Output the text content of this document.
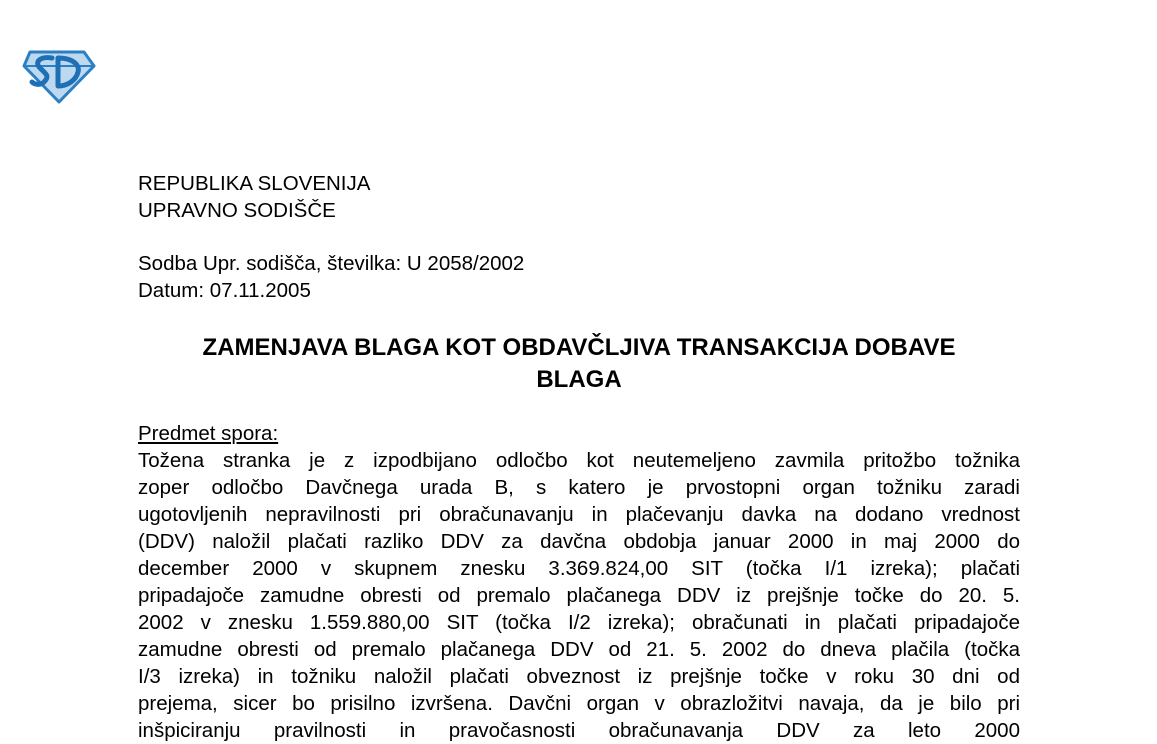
REPUBLIKA SLOVENIJA
UPRAVNO SODIŠČE
Sodba Upr. sodišča, številka: U 2058/2002
Datum: 07.11.2005
ZAMENJAVA BLAGA KOT OBDAVČLJIVA TRANSAKCIJA DOBAVE
BLAGA
Predmet spora:
Tožena stranka je z izpodbijano odločbo kot neutemeljeno zavmila pritožbo tožnika
zoper odločbo Davčnega urada B, s katero je prvostopni organ tožniku zaradi
ugotovljenih nepravilnosti pri obračunavanju in plačevanju davka na dodano vrednost
(DDV) naložil plačati razliko DDV za davčna obdobja januar 2000 in maj 2000 do
december 2000 v skupnem znesku 3.369.824,00 SIT (točka I/1 izreka); plačati
pripadajoče zamudne obresti od premalo plačanega DDV iz prejšnje točke do 20. 5.
2002 v znesku 1.559.880,00 SIT (točka I/2 izreka); obračunati in plačati pripadajoče
zamudne obresti od premalo plačanega DDV od 21. 5. 2002 do dneva plačila (točka
I/3 izreka) in tožniku naložil plačati obveznost iz prejšnje točke v roku 30 dni od
prejema, sicer bo prisilno izvršena. Davčni organ v obrazložitvi navaja, da je bilo pri
inšpiciranju pravilnosti in pravočasnosti obračunavanja DDV za leto 2000
